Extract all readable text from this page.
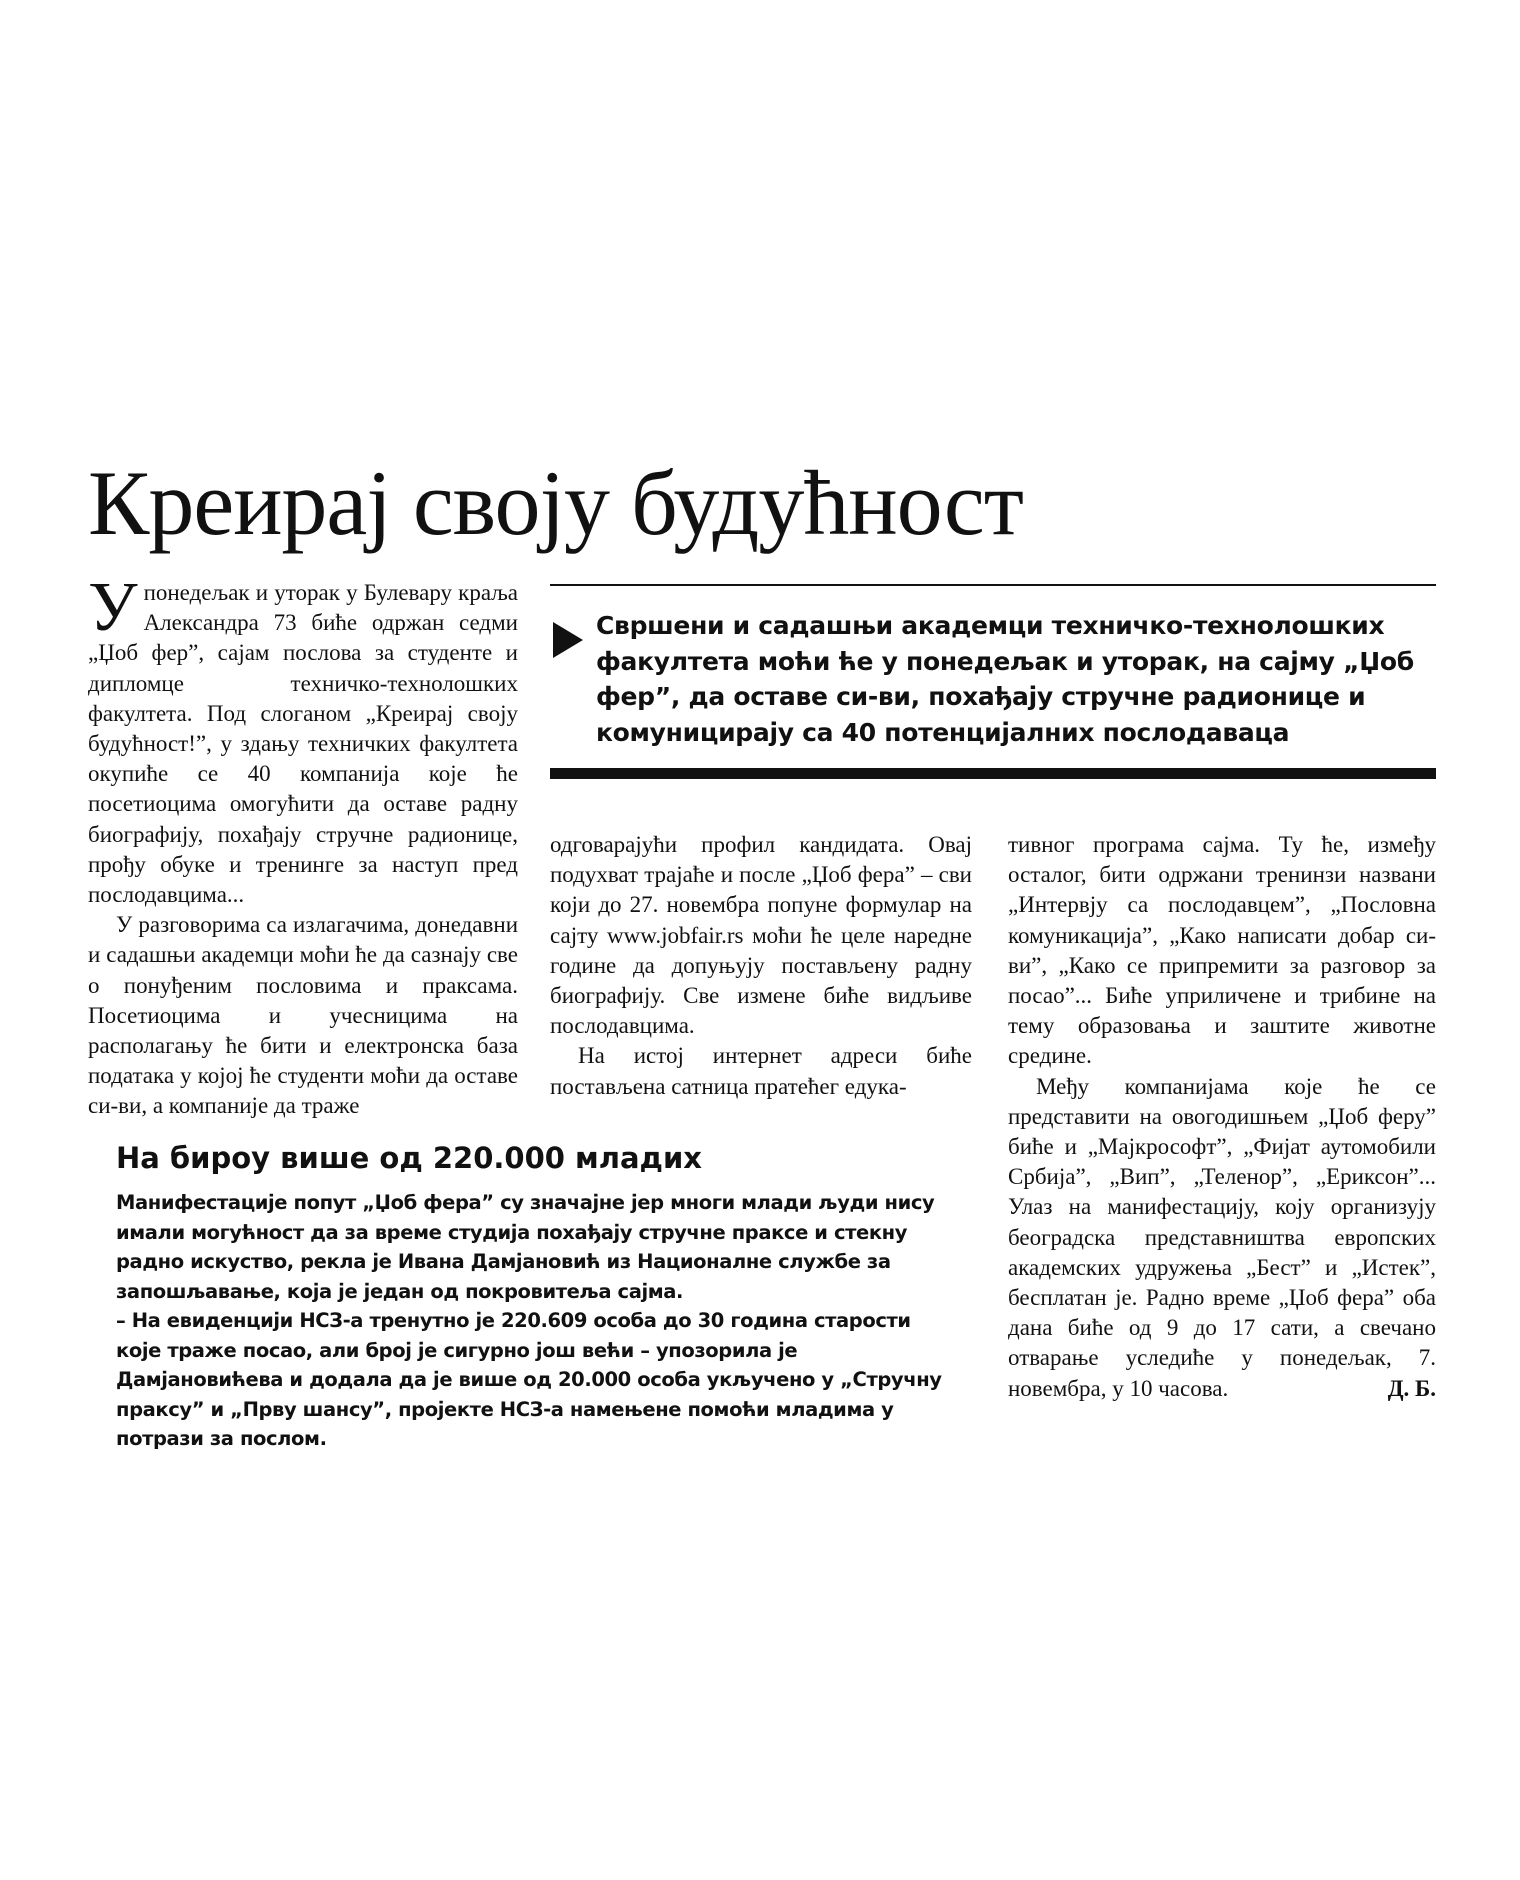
Креирај своју будућност

Упонедељак и уторак у Булевару краља Александра 73 биће одржан седми „Џоб фер”, сајам послова за студенте и дипломце техничко-технолошких факултета. Под слоганом „Креирај своју будућност!”, у здању техничких факултета окупиће се 40 компанија које ће посетиоцима омогућити да оставе радну биографију, похађају стручне радионице, прођу обуке и тренинге за наступ пред послодавцима...

У разговорима са излагачима, донедавни и садашњи академци моћи ће да сазнају све о понуђеним пословима и праксама. Посетиоцима и учесницима на располагању ће бити и електронска база података у којој ће студенти моћи да оставе си-ви, а компаније да траже

Свршени и садашњи академци техничко-технолошких факултета моћи ће у понедељак и уторак, на сајму „Џоб фер”, да оставе си-ви, похађају стручне радионице и комуницирају са 40 потенцијалних послодаваца

одговарајући профил кандидата. Овај подухват трајаће и после „Џоб фера” – сви који до 27. новембра попуне формулар на сајту www.jobfair.rs моћи ће целе наредне године да допуњују постављену радну биографију. Све измене биће видљиве послодавцима.

На истој интернет адреси биће постављена сатница пратећег едука-

тивног програма сајма. Ту ће, између осталог, бити одржани тренинзи названи „Интервју са послодавцем”, „Пословна комуникација”, „Како написати добар си-ви”, „Како се припремити за разговор за посао”... Биће уприличене и трибине на тему образовања и заштите животне средине.

Међу компанијама које ће се представити на овогодишњем „Џоб феру” биће и „Мајкрософт”, „Фијат аутомобили Србија”, „Вип”, „Теленор”, „Ериксон”... Улаз на манифестацију, коју организују београдска представништва европских академских удружења „Бест” и „Истек”, бесплатан је. Радно време „Џоб фера” оба дана биће од 9 до 17 сати, а свечано отварање уследиће у понедељак, 7. новембра, у 10 часова.	Д. Б.

На бироу више од 220.000 младих

Манифестације попут „Џоб фера” су значајне јер многи млади људи нису имали могућност да за време студија похађају стручне праксе и стекну радно искуство, рекла је Ивана Дамјановић из Националне службе за запошљавање, која је један од покровитеља сајма.

– На евиденцији НСЗ-а тренутно је 220.609 особа до 30 година старости које траже посао, али број је сигурно још већи – упозорила је Дамјановићева и додала да је више од 20.000 особа укључено у „Стручну праксу” и „Прву шансу”, пројекте НСЗ-а намењене помоћи младима у потрази за послом.
